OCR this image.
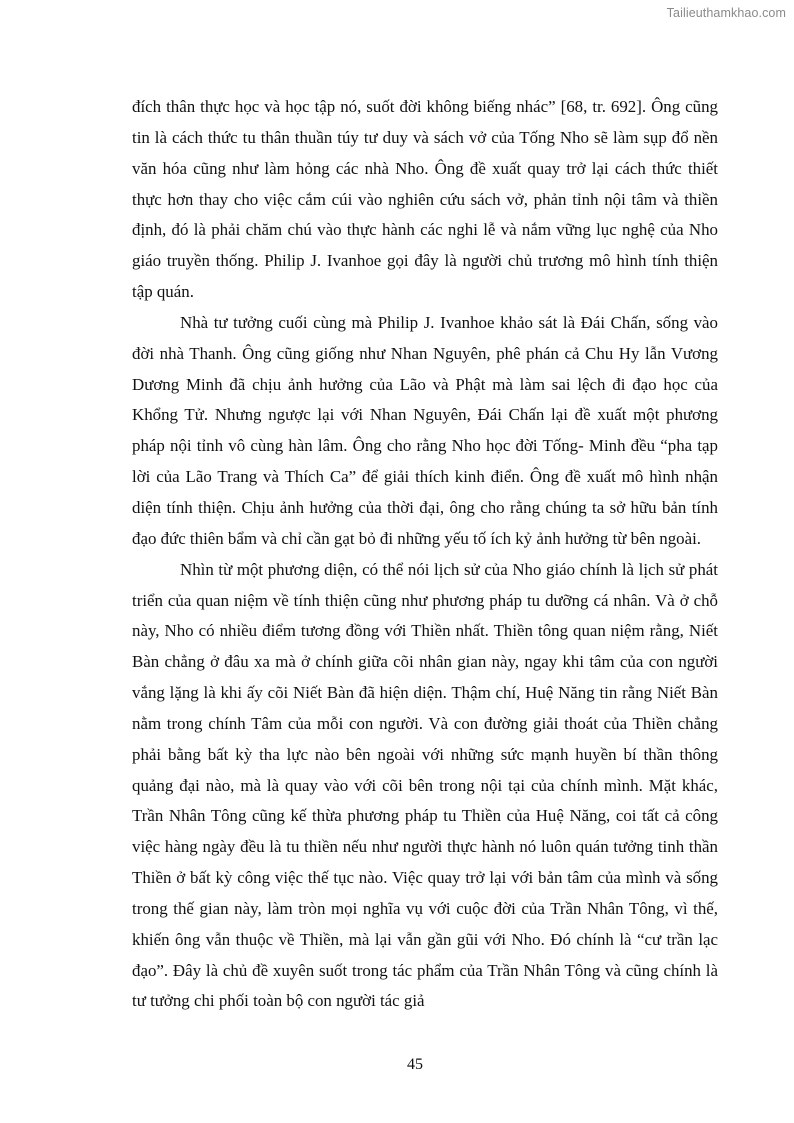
Tailieuthamkhao.com

đích thân thực học và học tập nó, suốt đời không biếng nhác” [68, tr. 692]. Ông cũng tin là cách thức tu thân thuần túy tư duy và sách vở của Tống Nho sẽ làm sụp đổ nền văn hóa cũng như làm hỏng các nhà Nho. Ông đề xuất quay trở lại cách thức thiết thực hơn thay cho việc cắm cúi vào nghiên cứu sách vở, phản tỉnh nội tâm và thiền định, đó là phải chăm chú vào thực hành các nghi lễ và nắm vững lục nghệ của Nho giáo truyền thống. Philip J. Ivanhoe gọi đây là người chủ trương mô hình tính thiện tập quán.

Nhà tư tưởng cuối cùng mà Philip J. Ivanhoe khảo sát là Đái Chấn, sống vào đời nhà Thanh. Ông cũng giống như Nhan Nguyên, phê phán cả Chu Hy lẫn Vương Dương Minh đã chịu ảnh hưởng của Lão và Phật mà làm sai lệch đi đạo học của Khổng Tử. Nhưng ngược lại với Nhan Nguyên, Đái Chấn lại đề xuất một phương pháp nội tỉnh vô cùng hàn lâm. Ông cho rằng Nho học đời Tống- Minh đều “pha tạp lời của Lão Trang và Thích Ca” để giải thích kinh điển. Ông đề xuất mô hình nhận diện tính thiện. Chịu ảnh hưởng của thời đại, ông cho rằng chúng ta sở hữu bản tính đạo đức thiên bẩm và chỉ cần gạt bỏ đi những yếu tố ích kỷ ảnh hưởng từ bên ngoài.

Nhìn từ một phương diện, có thể nói lịch sử của Nho giáo chính là lịch sử phát triển của quan niệm về tính thiện cũng như phương pháp tu dưỡng cá nhân. Và ở chỗ này, Nho có nhiều điểm tương đồng với Thiền nhất. Thiền tông quan niệm rằng, Niết Bàn chẳng ở đâu xa mà ở chính giữa cõi nhân gian này, ngay khi tâm của con người vắng lặng là khi ấy cõi Niết Bàn đã hiện diện. Thậm chí, Huệ Năng tin rằng Niết Bàn nằm trong chính Tâm của mỗi con người. Và con đường giải thoát của Thiền chẳng phải bằng bất kỳ tha lực nào bên ngoài với những sức mạnh huyền bí thần thông quảng đại nào, mà là quay vào với cõi bên trong nội tại của chính mình. Mặt khác, Trần Nhân Tông cũng kế thừa phương pháp tu Thiền của Huệ Năng, coi tất cả công việc hàng ngày đều là tu thiền nếu như người thực hành nó luôn quán tưởng tinh thần Thiền ở bất kỳ công việc thế tục nào. Việc quay trở lại với bản tâm của mình và sống trong thế gian này, làm tròn mọi nghĩa vụ với cuộc đời của Trần Nhân Tông, vì thế, khiến ông vẫn thuộc về Thiền, mà lại vẫn gần gũi với Nho. Đó chính là “cư trần lạc đạo”. Đây là chủ đề xuyên suốt trong tác phẩm của Trần Nhân Tông và cũng chính là tư tưởng chi phối toàn bộ con người tác giả

45
